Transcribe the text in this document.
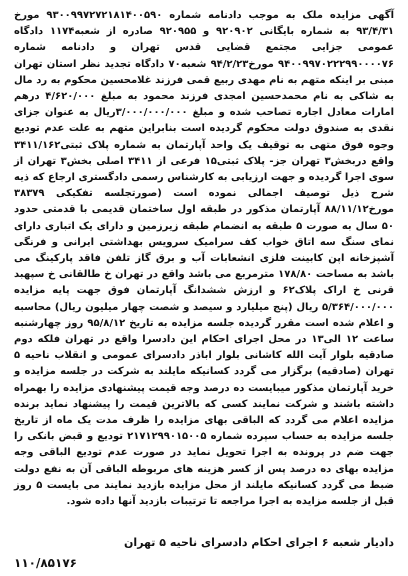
آگهی مزایده ملک به موجب دادنامه شماره ۹۳۰۰۹۹۷۲۷۲۱۸۱۴۰۰۵۹۰ مورخ ۹۳/۴/۳۱ به شماره بایگانی ۹۲۰۹۰۲ و ۹۲۰۹۵۵ صادره از شعبه۱۱۷۴ دادگاه عمومی جزایی مجتمع قضایی قدس تهران و دادنامه شماره ۹۴۰۰۹۹۷۰۲۲۲۹۹۰۰۰۰۷۶ مورخ۹۴/۲/۲۳ شعبه۷۰ دادگاه تجدید نظر استان تهران مبنی بر اینکه متهم به نام مهدی ربیع قمی فرزند غلامحسین محکوم به رد مال به شاکی به نام محمدحسین امجدی فرزند محمود به مبلغ ۴/۶۲۰/۰۰۰ درهم امارات معادل اجاره تصاحب شده و مبلغ ۳/۰۰۰/۰۰۰/۰۰۰ریال به عنوان جزای نقدی به صندوق دولت محکوم گردیده است بنابراین متهم به علت عدم تودیع وجوه فوق متهی به توقیف یک واحد آپارتمان به شماره پلاک ثبتی۳۴۱۱/۱۶۲ واقع دربخش۳ تهران جز- پلاک ثبتی۱۵ فرعی از ۳۴۱۱ اصلی بخش۳ تهران از سوی اجرا گردیده و جهت ارزیابی به کارشناس رسمی دادگستری ارجاع که ذیه شرح ذیل توصیف اجمالی نموده است (صورتجلسه تفکیکی ۳۸۳۷۹ مورخ۸۸/۱۱/۱۲ آپارتمان مذکور در طبقه اول ساختمان قدیمی با قدمتی حدود ۵۰ سال به صورت ۵ طبقه به انضمام طبقه زیرزمین و دارای یک اتباری دارای نمای سنگ سه اتاق خواب کف سرامیک سرویس بهداشتی ایرانی و فرنگی آشپزخانه اپن کابینت فلزی انشعابات آب و برق گاز تلفن فاقد پارکینگ می باشد به مساحت ۱۷۸/۸۰ مترمربع می باشد واقع در تهران خ طالقانی خ سپهبد قرنی خ اراک پلاک۶۲ و ارزش ششدانگ آپارتمان فوق جهت پایه مزایده ۵/۳۶۴/۰۰۰/۰۰۰ ریال (پنج میلیارد و سیصد و شصت چهار میلیون ریال) محاسبه و اعلام شده است مقرر گردیده جلسه مزایده به تاریخ ۹۵/۸/۱۲ روز چهارشنبه ساعت ۱۲ الی۱۳ در محل اجرای احکام این دادسرا واقع در تهران فلکه دوم صادقیه بلوار آیت الله کاشانی بلوار اباذر دادسرای عمومی و انقلاب ناحیه ۵ تهران (صادقیه) برگزار می گردد کسانیکه مایلند به شرکت در جلسه مزایده و خرید آپارتمان مذکور میبایست ده درصد وجه قیمت پیشنهادی مزایده را بهمراه داشته باشند و شرکت نمایند کسی که بالاترین قیمت را پیشنهاد نماید برنده مزایده اعلام می گردد که الباقی بهای مزایده را ظرف مدت یک ماه از تاریخ جلسه مزایده به حساب سپرده شماره ۲۱۷۱۲۹۹۰۱۵۰۰۵ تودیع و قبض بانکی را جهت ضم در پرونده به اجرا تحویل نماید در صورت عدم تودیع الباقی وجه مزایده بهای ده درصد پس از کسر هزینه های مربوطه الباقی آن به نفع دولت ضبط می گردد کسانیکه مایلند از محل مزایده بازدید نمایند می بایست ۵ روز قبل از جلسه مزایده به اجرا مراجعه تا ترتیبات بازدید آنها داده شود.

دادیار شعبه ۶ اجرای احکام دادسرای ناحیه ۵ تهران
۱۱۰/۸۵۱۷۶
